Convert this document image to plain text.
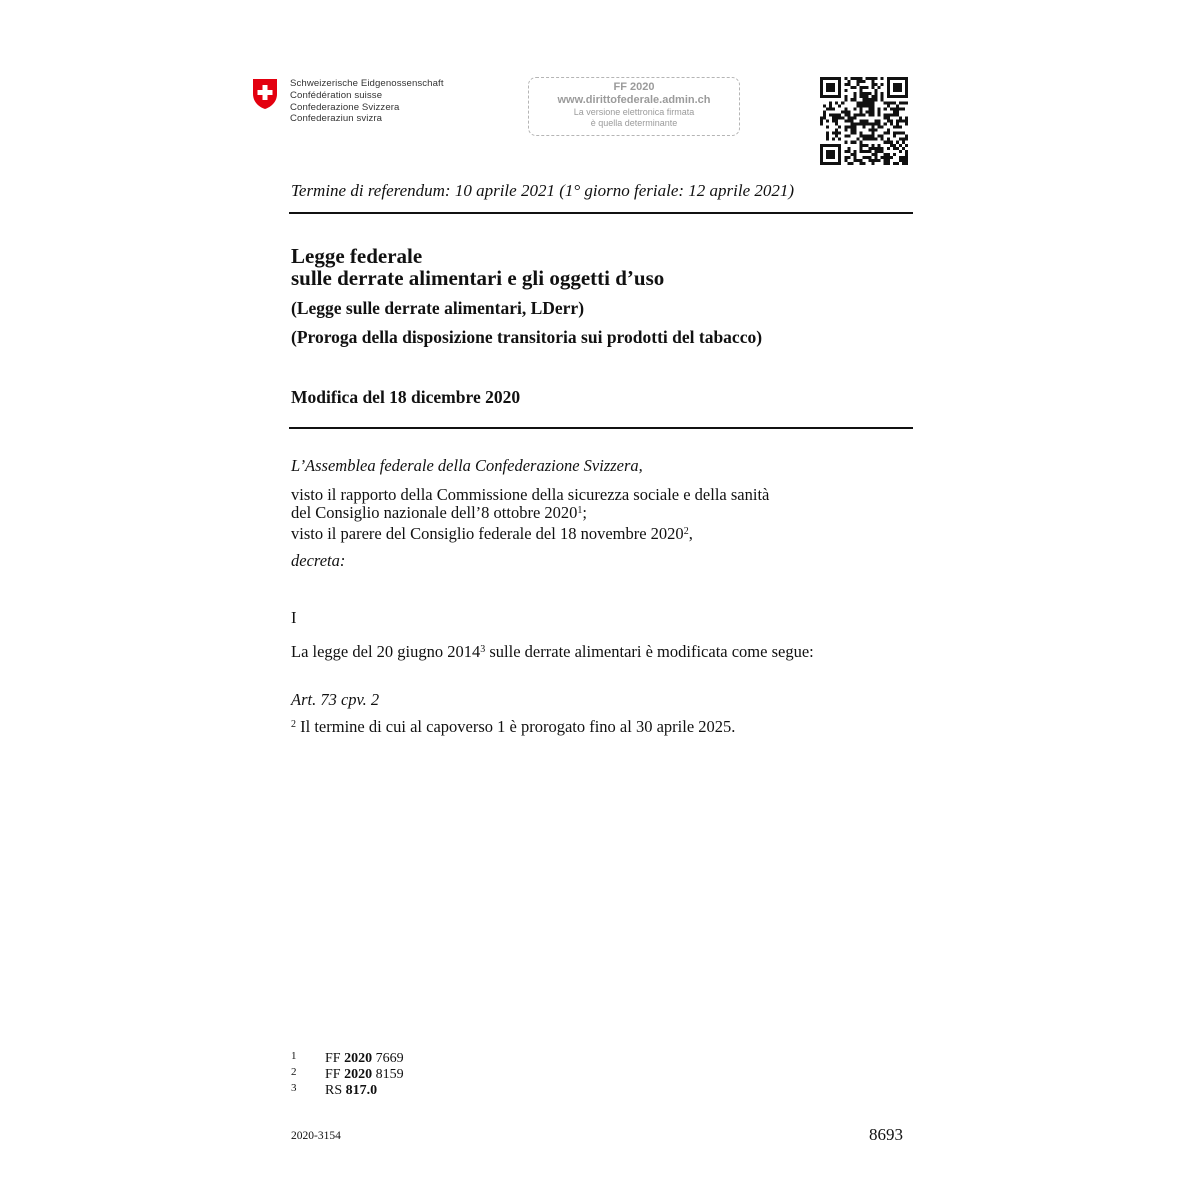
Schweizerische Eidgenossenschaft
Confédération suisse
Confederazione Svizzera
Confederaziun svizra
FF 2020
www.dirittofederale.admin.ch
La versione elettronica firmata
è quella determinante
Termine di referendum: 10 aprile 2021 (1° giorno feriale: 12 aprile 2021)
Legge federale
sulle derrate alimentari e gli oggetti d’uso
(Legge sulle derrate alimentari, LDerr)
(Proroga della disposizione transitoria sui prodotti del tabacco)
Modifica del 18 dicembre 2020
L’Assemblea federale della Confederazione Svizzera,
visto il rapporto della Commissione della sicurezza sociale e della sanità
del Consiglio nazionale dell’8 ottobre 2020$^1$;
visto il parere del Consiglio federale del 18 novembre 2020$^2$,
decreta:
I
La legge del 20 giugno 2014$^3$ sulle derrate alimentari è modificata come segue:
Art. 73 cpv. 2
$^2$ Il termine di cui al capoverso 1 è prorogato fino al 30 aprile 2025.
1 FF 2020 7669
2 FF 2020 8159
3 RS 817.0
2020-3154	8693
